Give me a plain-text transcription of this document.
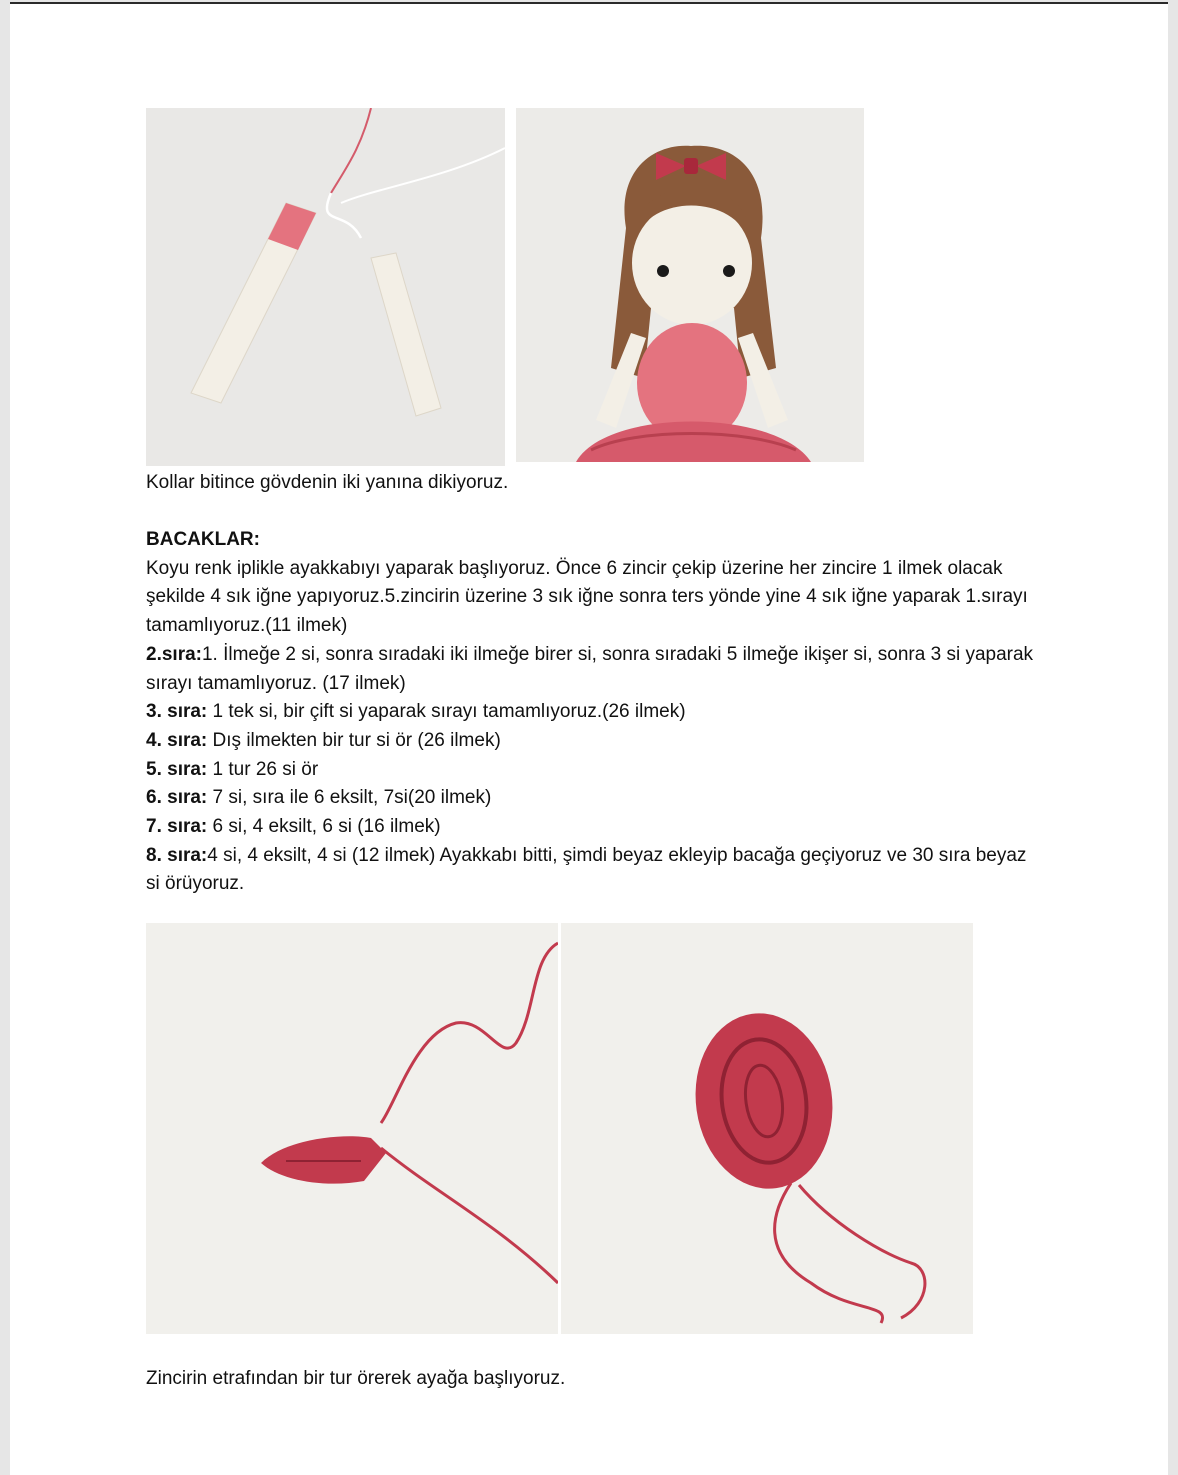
Kollar bitince gövdenin iki yanına dikiyoruz.

BACAKLAR:

Koyu renk iplikle ayakkabıyı yaparak başlıyoruz. Önce 6 zincir çekip üzerine her zincire 1 ilmek olacak şekilde 4 sık iğne yapıyoruz.5.zincirin üzerine 3 sık iğne sonra ters yönde yine 4 sık iğne yaparak 1.sırayı tamamlıyoruz.(11 ilmek)

2.sıra:1. İlmeğe 2 si, sonra sıradaki iki ilmeğe birer si, sonra sıradaki 5 ilmeğe ikişer si, sonra 3 si yaparak sırayı tamamlıyoruz. (17 ilmek)

3. sıra: 1 tek si, bir çift si yaparak sırayı tamamlıyoruz.(26 ilmek)

4. sıra: Dış ilmekten bir tur si ör (26 ilmek)

5. sıra: 1 tur 26 si ör

6. sıra: 7 si, sıra ile 6 eksilt, 7si(20 ilmek)

7. sıra: 6 si, 4 eksilt, 6 si (16 ilmek)

8. sıra:4 si, 4 eksilt, 4 si (12 ilmek) Ayakkabı bitti, şimdi beyaz ekleyip bacağa geçiyoruz ve 30 sıra beyaz si örüyoruz.

Zincirin etrafından bir tur örerek ayağa başlıyoruz.
